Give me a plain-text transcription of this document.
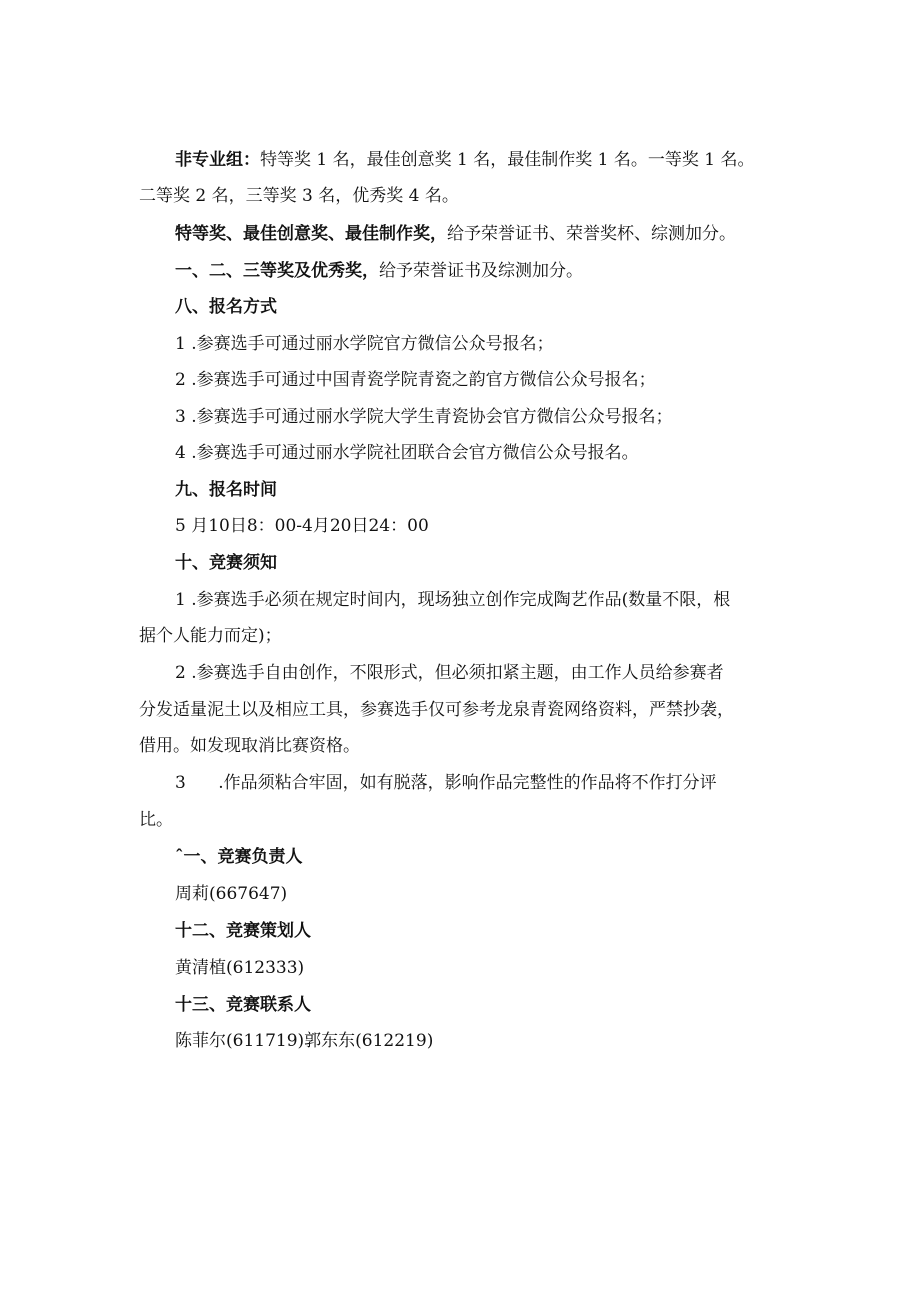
非专业组：特等奖 1 名，最佳创意奖 1 名，最佳制作奖 1 名。一等奖 1 名。
二等奖 2 名，三等奖 3 名，优秀奖 4 名。
特等奖、最佳创意奖、最佳制作奖，给予荣誉证书、荣誉奖杯、综测加分。
一、二、三等奖及优秀奖，给予荣誉证书及综测加分。
八、报名方式
1 .参赛选手可通过丽水学院官方微信公众号报名；
2 .参赛选手可通过中国青瓷学院青瓷之韵官方微信公众号报名；
3 .参赛选手可通过丽水学院大学生青瓷协会官方微信公众号报名；
4 .参赛选手可通过丽水学院社团联合会官方微信公众号报名。
九、报名时间
5 月10日8：00-4月20日24：00
十、竞赛须知
1 .参赛选手必须在规定时间内，现场独立创作完成陶艺作品(数量不限，根
据个人能力而定)；
2 .参赛选手自由创作，不限形式，但必须扣紧主题，由工作人员给参赛者
分发适量泥土以及相应工具，参赛选手仅可参考龙泉青瓷网络资料，严禁抄袭，
借用。如发现取消比赛资格。
3      .作品须粘合牢固，如有脱落，影响作品完整性的作品将不作打分评
比。
ˆ一、竞赛负责人
周莉(667647)
十二、竞赛策划人
黄清植(612333)
十三、竞赛联系人
陈菲尔(611719)郭东东(612219)
